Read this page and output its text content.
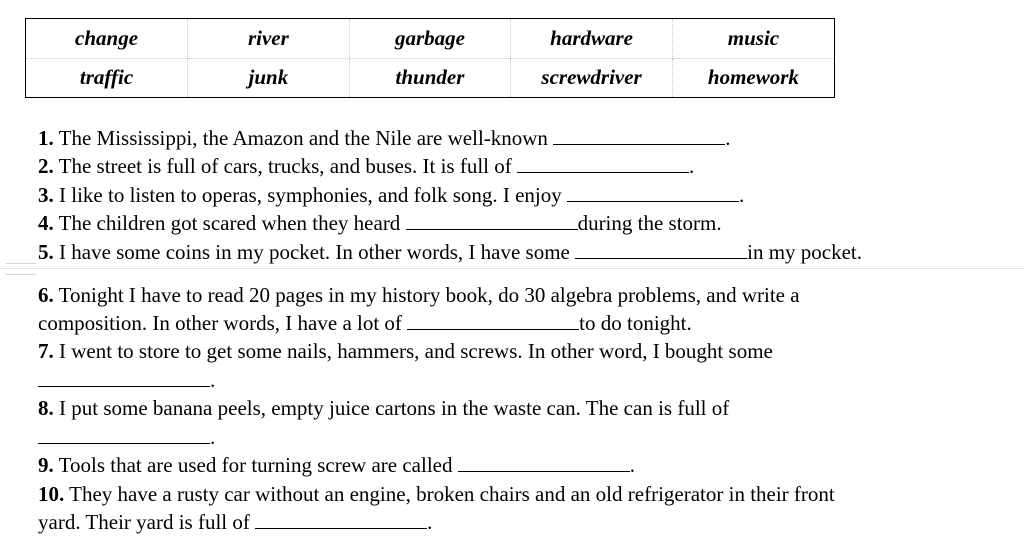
change	river	garbage	hardware	music
traffic	junk	thunder	screwdriver	homework
1. The Mississippi, the Amazon and the Nile are well-known	.
2. The street is full of cars, trucks, and buses. It is full of	.
3. I like to listen to operas, symphonies, and folk song. I enjoy	.
4. The children got scared when they heard	during the storm.
5. I have some coins in my pocket. In other words, I have some	in my pocket.
6. Tonight I have to read 20 pages in my history book, do 30 algebra problems, and write a
composition. In other words, I have a lot of	to do tonight.
7. I went to store to get some nails, hammers, and screws. In other word, I bought some
.
8. I put some banana peels, empty juice cartons in the waste can. The can is full of
.
9. Tools that are used for turning screw are called	.
10. They have a rusty car without an engine, broken chairs and an old refrigerator in their front
yard. Their yard is full of	.
